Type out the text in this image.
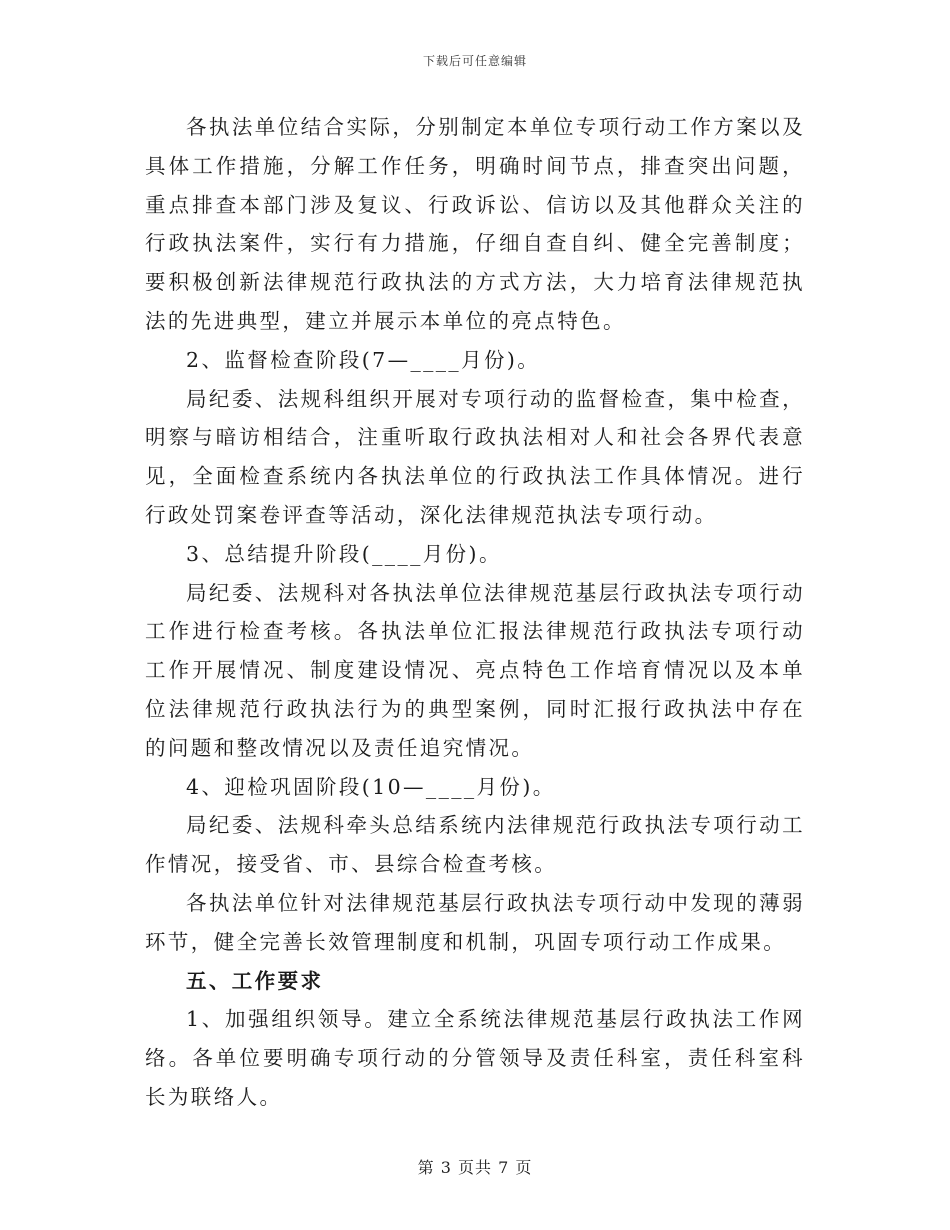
下载后可任意编辑

各执法单位结合实际，分别制定本单位专项行动工作方案以及具体工作措施，分解工作任务，明确时间节点，排查突出问题，重点排查本部门涉及复议、行政诉讼、信访以及其他群众关注的行政执法案件，实行有力措施，仔细自查自纠、健全完善制度；要积极创新法律规范行政执法的方式方法，大力培育法律规范执法的先进典型，建立并展示本单位的亮点特色。

2、监督检查阶段(7—____月份)。

局纪委、法规科组织开展对专项行动的监督检查，集中检查，明察与暗访相结合，注重听取行政执法相对人和社会各界代表意见，全面检查系统内各执法单位的行政执法工作具体情况。进行行政处罚案卷评查等活动，深化法律规范执法专项行动。

3、总结提升阶段(____月份)。

局纪委、法规科对各执法单位法律规范基层行政执法专项行动工作进行检查考核。各执法单位汇报法律规范行政执法专项行动工作开展情况、制度建设情况、亮点特色工作培育情况以及本单位法律规范行政执法行为的典型案例，同时汇报行政执法中存在的问题和整改情况以及责任追究情况。

4、迎检巩固阶段(10—____月份)。

局纪委、法规科牵头总结系统内法律规范行政执法专项行动工作情况，接受省、市、县综合检查考核。

各执法单位针对法律规范基层行政执法专项行动中发现的薄弱环节，健全完善长效管理制度和机制，巩固专项行动工作成果。

五、工作要求

1、加强组织领导。建立全系统法律规范基层行政执法工作网络。各单位要明确专项行动的分管领导及责任科室，责任科室科长为联络人。

第 3 页共 7 页
